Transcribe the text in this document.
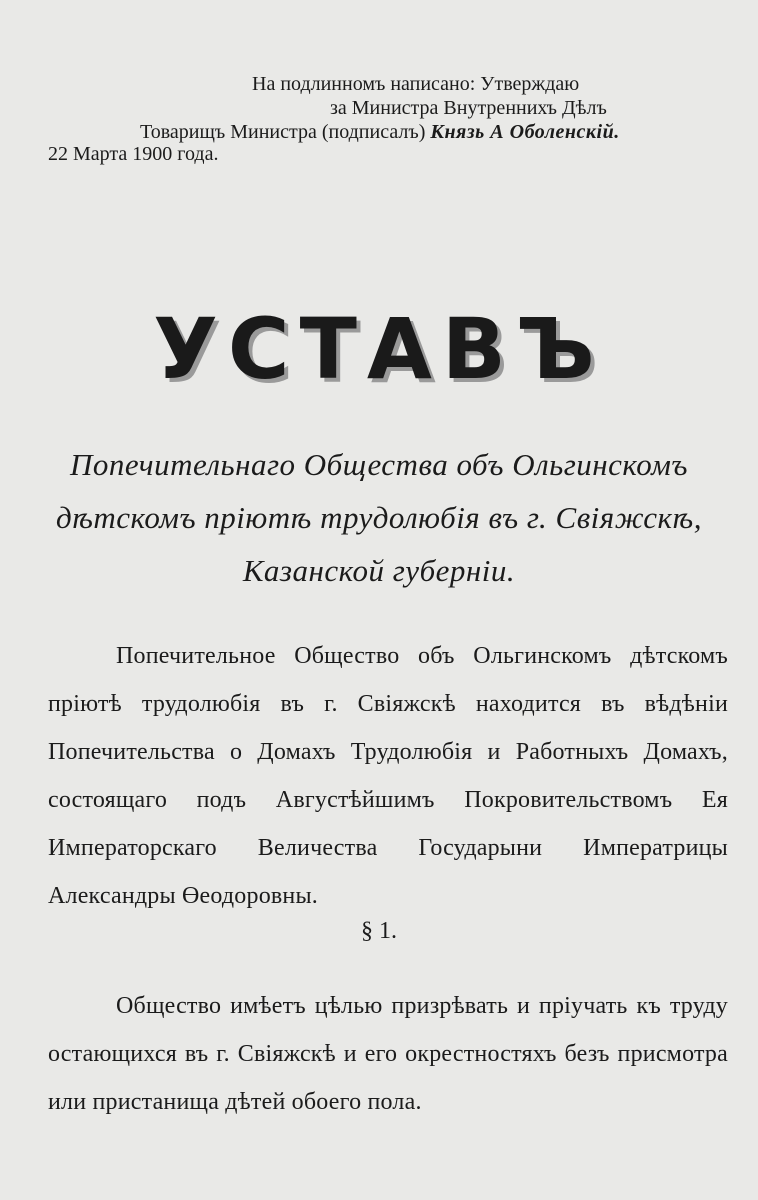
На подлинномъ написано: Утверждаю
за Министра Внутреннихъ Дѣлъ
Товарищъ Министра (подписалъ) Князь А Оболенскiй.
22 Марта 1900 года.
УСТАВЪ
Попечительнаго Общества объ Ольгинскомъ
дѣтскомъ прiютѣ трудолюбiя въ г. Свiяжскѣ,
Казанской губернiи.
Попечительное Общество объ Ольгинскомъ дѣтскомъ прiютѣ трудолюбiя въ г. Свiяжскѣ находится въ вѣдѣнiи Попечительства о Домахъ Трудолюбiя и Работныхъ Домахъ, состоящаго подъ Августѣйшимъ Покровительствомъ Ея Императорскаго Величества Государыни Императрицы Александры Өеодоровны.
§ 1.
Общество имѣетъ цѣлью призрѣвать и прiучать къ труду остающихся въ г. Свiяжскѣ и его окрестностяхъ безъ присмотра или пристанища дѣтей обоего пола.
